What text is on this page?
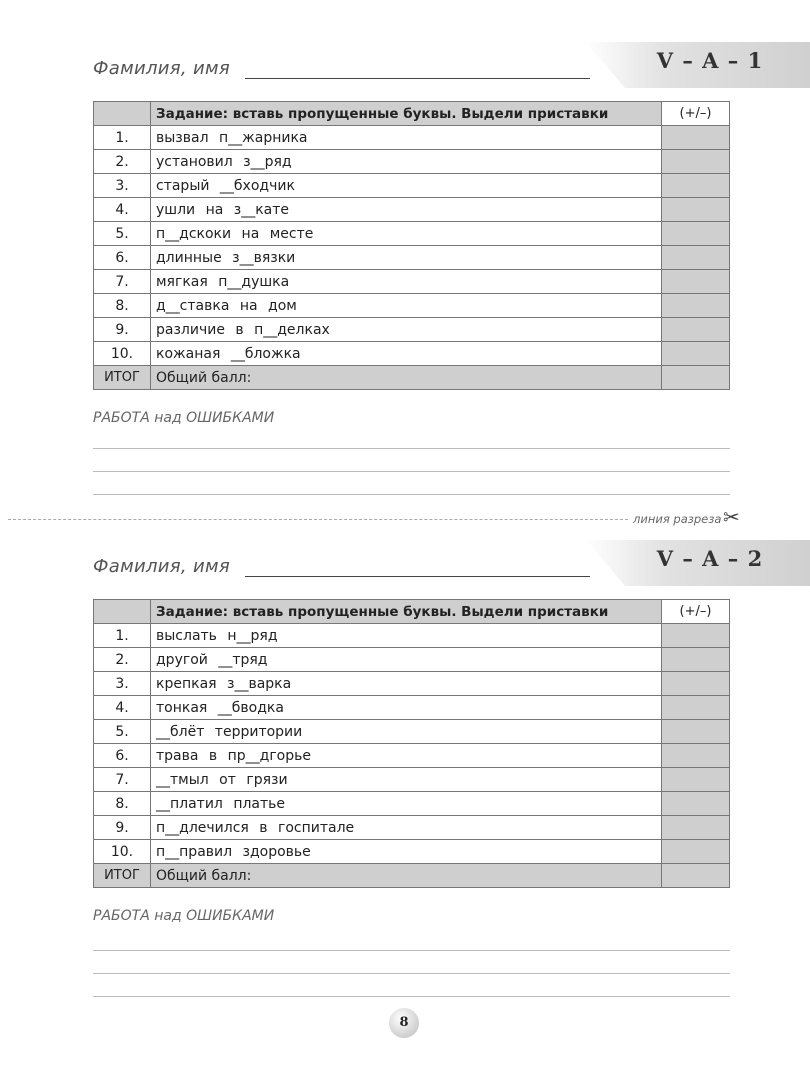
Фамилия, имя	V – A – 1
	Задание: вставь пропущенные буквы. Выдели приставки	(+/–)
1.	вызвал п__жарника	
2.	установил з__ряд	
3.	старый __бходчик	
4.	ушли на з__кате	
5.	п__дскоки на месте	
6.	длинные з__вязки	
7.	мягкая п__душка	
8.	д__ставка на дом	
9.	различие в п__делках	
10.	кожаная __бложка	
ИТОГ	Общий балл:	
РАБОТА над ОШИБКАМИ
линия разреза ✂
Фамилия, имя	V – A – 2
	Задание: вставь пропущенные буквы. Выдели приставки	(+/–)
1.	выслать н__ряд	
2.	другой __тряд	
3.	крепкая з__варка	
4.	тонкая __бводка	
5.	__блёт территории	
6.	трава в пр__дгорье	
7.	__тмыл от грязи	
8.	__платил платье	
9.	п__длечился в госпитале	
10.	п__правил здоровье	
ИТОГ	Общий балл:	
РАБОТА над ОШИБКАМИ
8
